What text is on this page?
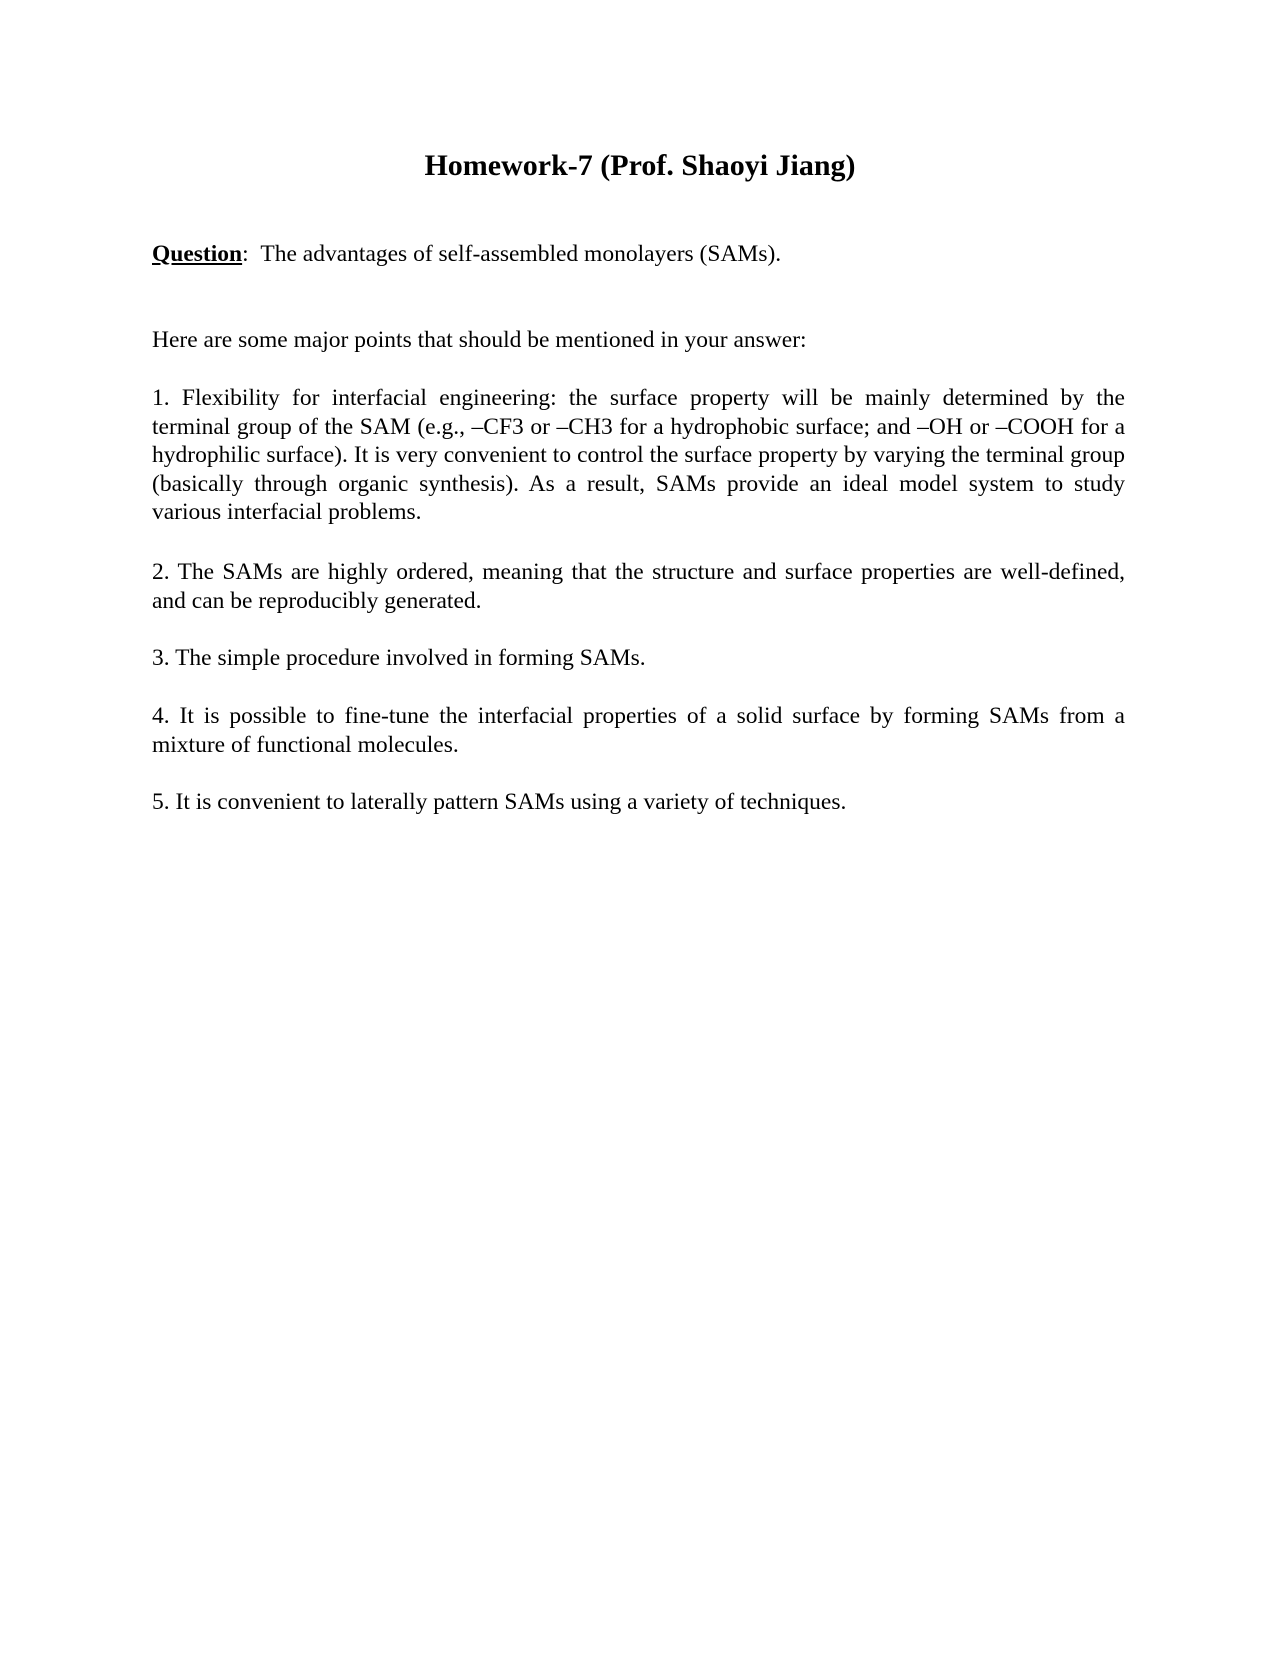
Homework-7 (Prof. Shaoyi Jiang)
Question: The advantages of self-assembled monolayers (SAMs).
Here are some major points that should be mentioned in your answer:
1. Flexibility for interfacial engineering: the surface property will be mainly determined by the terminal group of the SAM (e.g., –CF3 or –CH3 for a hydrophobic surface; and –OH or –COOH for a hydrophilic surface). It is very convenient to control the surface property by varying the terminal group (basically through organic synthesis). As a result, SAMs provide an ideal model system to study various interfacial problems.
2. The SAMs are highly ordered, meaning that the structure and surface properties are well-defined, and can be reproducibly generated.
3. The simple procedure involved in forming SAMs.
4. It is possible to fine-tune the interfacial properties of a solid surface by forming SAMs from a mixture of functional molecules.
5. It is convenient to laterally pattern SAMs using a variety of techniques.
